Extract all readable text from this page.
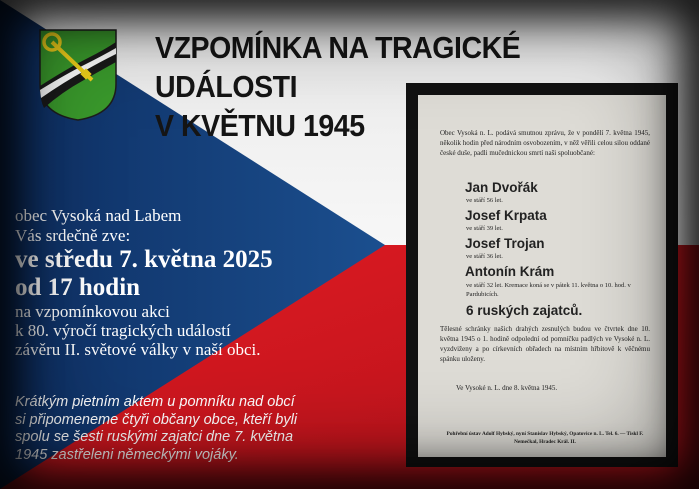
VZPOMÍNKA NA TRAGICKÉ UDÁLOSTI
V KVĚTNU 1945
obec Vysoká nad Labem
Vás srdečně zve:
ve středu 7. května 2025
od 17 hodin
na vzpomínkovou akci
k 80. výročí tragických událostí
závěru II. světové války v naší obci.
Krátkým pietním aktem u pomníku nad obcí
si připomeneme čtyři občany obce, kteří byli
spolu se šesti ruskými zajatci dne 7. května
1945 zastřeleni německými vojáky.
Obec Vysoká n. L. podává smutnou zprávu, že v pondělí 7. května 1945, několik hodin před národním osvobozením, v něž věřili celou silou oddané české duše, padli mučednickou smrtí naši spoluobčané:
Jan Dvořák
ve stáří 56 let.
Josef Krpata
ve stáří 39 let.
Josef Trojan
ve stáří 36 let.
Antonín Krám
ve stáří 32 let. Kremace koná se v pátek 11. května o 10. hod. v Pardubicích.
6 ruských zajatců.
Tělesné schránky našich drahých zesnulých budou ve čtvrtek dne 10. května 1945 o 1. hodině odpolední od pomníčku padlých ve Vysoké n. L. vyzdviženy a po církevních obřadech na místním hřbitově k věčnému spánku uloženy.
Ve Vysoké n. L. dne 8. května 1945.
Pohřební ústav Adolf Hybský, nyní Stanislav Hybský, Opatovice n. L. Tel. 6. — Tiskl F. Nemečkal, Hradec Král. II.
